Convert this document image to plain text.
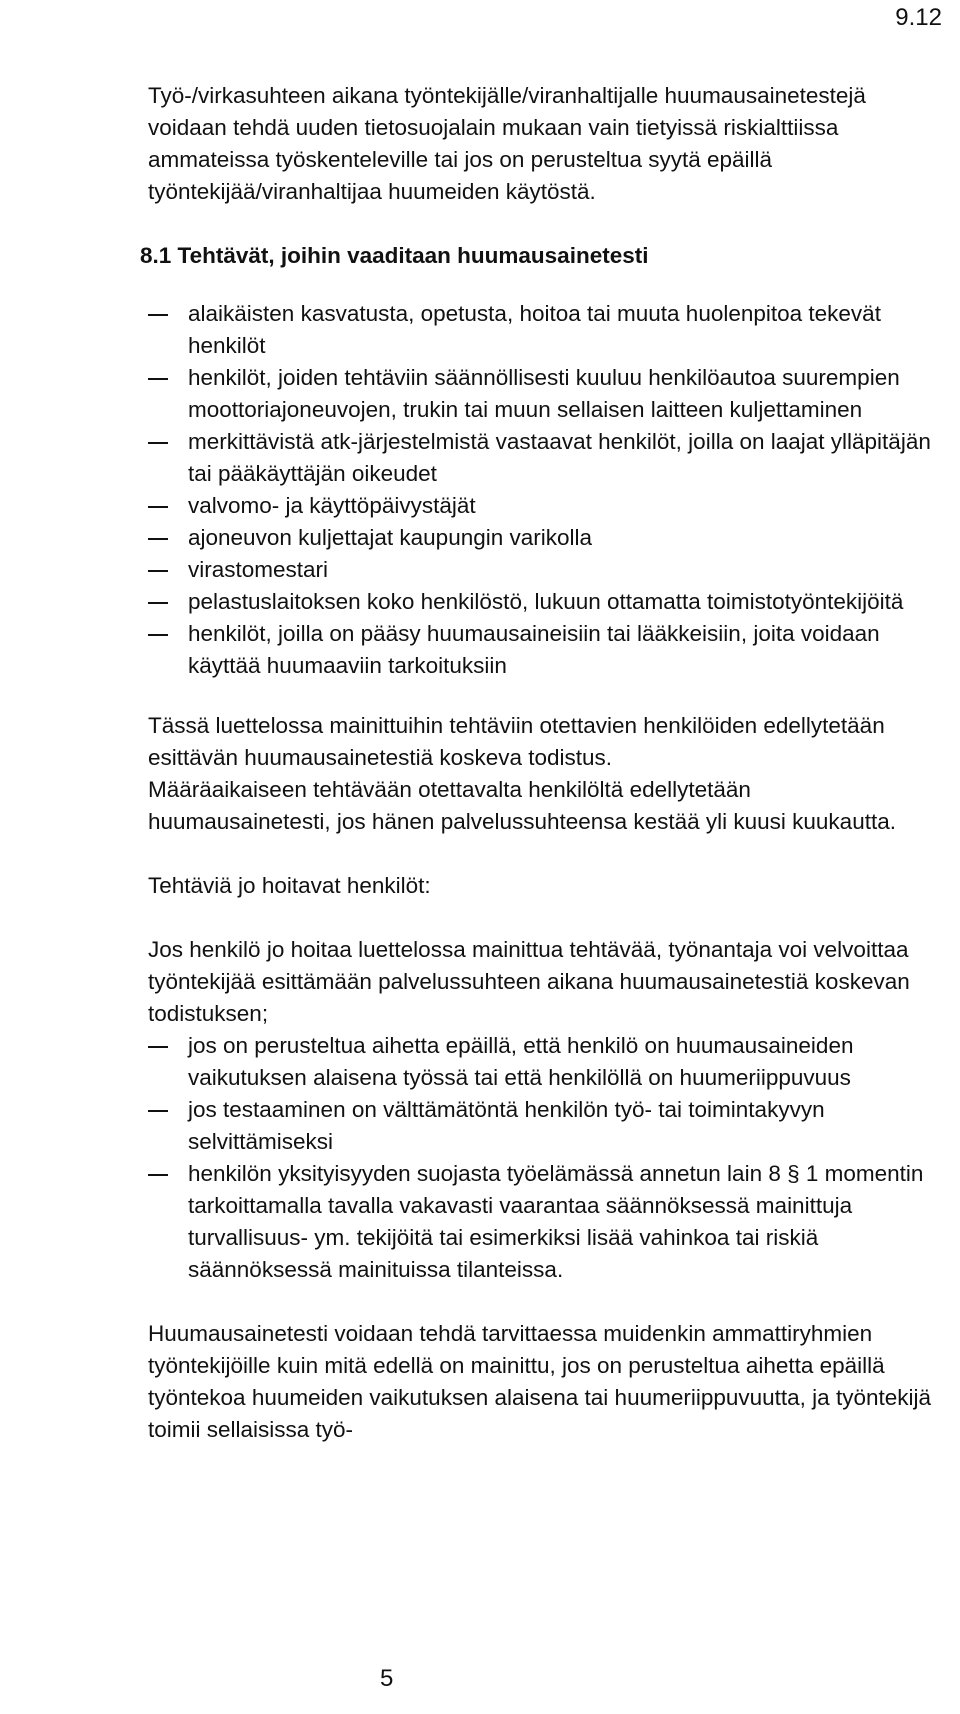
9.12

Työ-/virkasuhteen aikana työntekijälle/viranhaltijalle huumausainetestejä voidaan tehdä uuden tietosuojalain mukaan vain tietyissä riskialttiissa ammateissa työskenteleville tai jos on perusteltua syytä epäillä työntekijää/viranhaltijaa huumeiden käytöstä.

8.1 Tehtävät, joihin vaaditaan huumausainetesti

alaikäisten kasvatusta, opetusta, hoitoa tai muuta huolenpitoa tekevät henkilöt
henkilöt, joiden tehtäviin säännöllisesti kuuluu henkilöautoa suurempien moottoriajoneuvojen, trukin tai muun sellaisen laitteen kuljettaminen
merkittävistä atk-järjestelmistä vastaavat henkilöt, joilla on laajat ylläpitäjän tai pääkäyttäjän oikeudet
valvomo- ja käyttöpäivystäjät
ajoneuvon kuljettajat kaupungin varikolla
virastomestari
pelastuslaitoksen koko henkilöstö, lukuun ottamatta toimistotyöntekijöitä
henkilöt, joilla on pääsy huumausaineisiin tai lääkkeisiin, joita voidaan käyttää huumaaviin tarkoituksiin

Tässä luettelossa mainittuihin tehtäviin otettavien henkilöiden edellytetään esittävän huumausainetestiä koskeva todistus.

Määräaikaiseen tehtävään otettavalta henkilöltä edellytetään huumausainetesti, jos hänen palvelussuhteensa kestää yli kuusi kuukautta.

Tehtäviä jo hoitavat henkilöt:

Jos henkilö jo hoitaa luettelossa mainittua tehtävää, työnantaja voi velvoittaa työntekijää esittämään palvelussuhteen aikana huumausainetestiä koskevan todistuksen;

jos on perusteltua aihetta epäillä, että henkilö on huumausaineiden vaikutuksen alaisena työssä tai että henkilöllä on huumeriippuvuus
jos testaaminen on välttämätöntä henkilön työ- tai toimintakyvyn selvittämiseksi
henkilön yksityisyyden suojasta työelämässä annetun lain 8 § 1 momentin tarkoittamalla tavalla vakavasti vaarantaa säännöksessä mainittuja turvallisuus- ym. tekijöitä tai esimerkiksi lisää vahinkoa tai riskiä säännöksessä mainituissa tilanteissa.

Huumausainetesti voidaan tehdä tarvittaessa muidenkin ammattiryhmien työntekijöille kuin mitä edellä on mainittu, jos on perusteltua aihetta epäillä työntekoa huumeiden vaikutuksen alaisena tai huumeriippuvuutta, ja työntekijä toimii sellaisissa työ-

5
